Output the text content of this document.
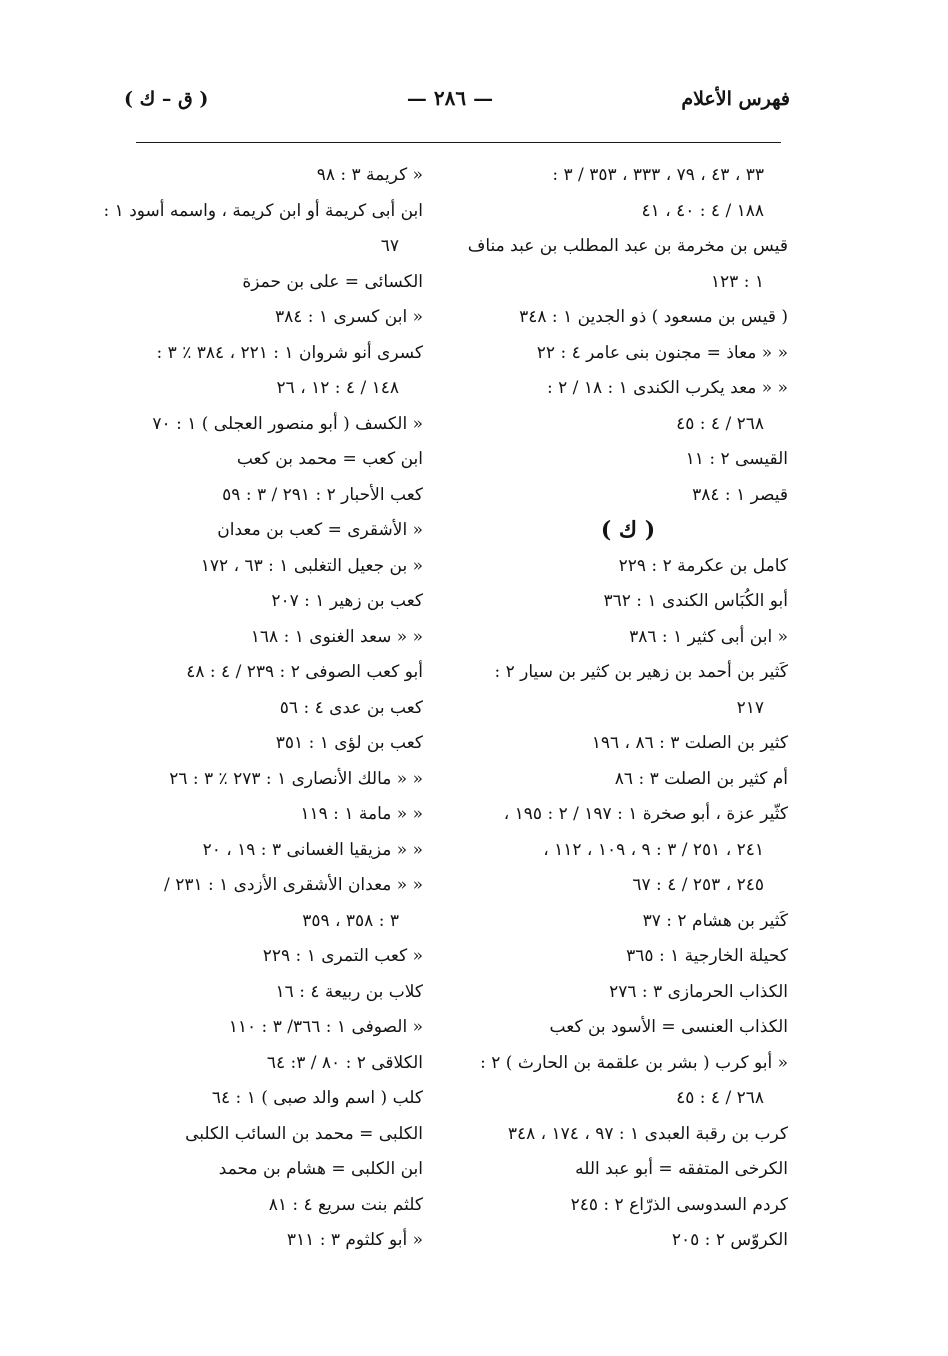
فهرس الأعلام
— ٢٨٦ —
( ق – ك )
٣٣ ، ٤٣ ، ٧٩ ، ٣٣٣ ، ٣٥٣ / ٣ :
١٨٨ / ٤ : ٤٠ ، ٤١
قيس بن مخرمة بن عبد المطلب بن عبد مناف
١ : ١٢٣
( قيس بن مسعود ) ذو الجدين ١ : ٣٤٨
« « معاذ = مجنون بنى عامر ٤ : ٢٢
« « معد يكرب الكندى ١ : ١٨ / ٢ :
٢٦٨ / ٤ : ٤٥
القيسى ٢ : ١١
قيصر ١ : ٣٨٤
( ك )
كامل بن عكرمة ٢ : ٢٢٩
أبو الكُبَاس الكندى ١ : ٣٦٢
« ابن أبى كثير ١ : ٣٨٦
كَثير بن أحمد بن زهير بن كثير بن سيار ٢ :
٢١٧
كثير بن الصلت ٣ : ٨٦ ، ١٩٦
أم كثير بن الصلت ٣ : ٨٦
كثّير عزة ، أبو صخرة ١ : ١٩٧ / ٢ : ١٩٥ ،
٢٤١ ، ٢٥١ / ٣ : ٩ ، ١٠٩ ، ١١٢ ،
٢٤٥ ، ٢٥٣ / ٤ : ٦٧
كَثير بن هشام ٢ : ٣٧
كحيلة الخارجية ١ : ٣٦٥
الكذاب الحرمازى ٣ : ٢٧٦
الكذاب العنسى = الأسود بن كعب
« أبو كرب ( بشر بن علقمة بن الحارث ) ٢ :
٢٦٨ / ٤ : ٤٥
كرب بن رقبة العبدى ١ : ٩٧ ، ١٧٤ ، ٣٤٨
الكرخى المتفقه = أبو عبد الله
كردم السدوسى الذرّاع ٢ : ٢٤٥
الكروّس ٢ : ٢٠٥
« كريمة ٣ : ٩٨
ابن أبى كريمة أو ابن كريمة ، واسمه أسود ١ :
٦٧
الكسائى = على بن حمزة
« ابن كسرى ١ : ٣٨٤
كسرى أنو شروان ١ : ٢٢١ ، ٣٨٤ ٪ ٣ :
١٤٨ / ٤ : ١٢ ، ٢٦
« الكسف ( أبو منصور العجلى ) ١ : ٧٠
ابن كعب = محمد بن كعب
كعب الأحبار ٢ : ٢٩١ / ٣ : ٥٩
« الأشقرى = كعب بن معدان
« بن جعيل التغلبى ١ : ٦٣ ، ١٧٢
كعب بن زهير ١ : ٢٠٧
« « سعد الغنوى ١ : ١٦٨
أبو كعب الصوفى ٢ : ٢٣٩ / ٤ : ٤٨
كعب بن عدى ٤ : ٥٦
كعب بن لؤى ١ : ٣٥١
« « مالك الأنصارى ١ : ٢٧٣ ٪ ٣ : ٢٦
« « مامة ١ : ١١٩
« « مزيقيا الغسانى ٣ : ١٩ ، ٢٠
« « معدان الأشقرى الأزدى ١ : ٢٣١ /
٣ : ٣٥٨ ، ٣٥٩
« كعب التمرى ١ : ٢٢٩
كلاب بن ربيعة ٤ : ١٦
« الصوفى ١ : ٣٦٦/ ٣ : ١١٠
الكلاقى ٢ : ٨٠ / ٣: ٦٤
كلب ( اسم والد صبى ) ١ : ٦٤
الكلبى = محمد بن السائب الكلبى
ابن الكلبى = هشام بن محمد
كلثم بنت سريع ٤ : ٨١
« أبو كلثوم ٣ : ٣١١
